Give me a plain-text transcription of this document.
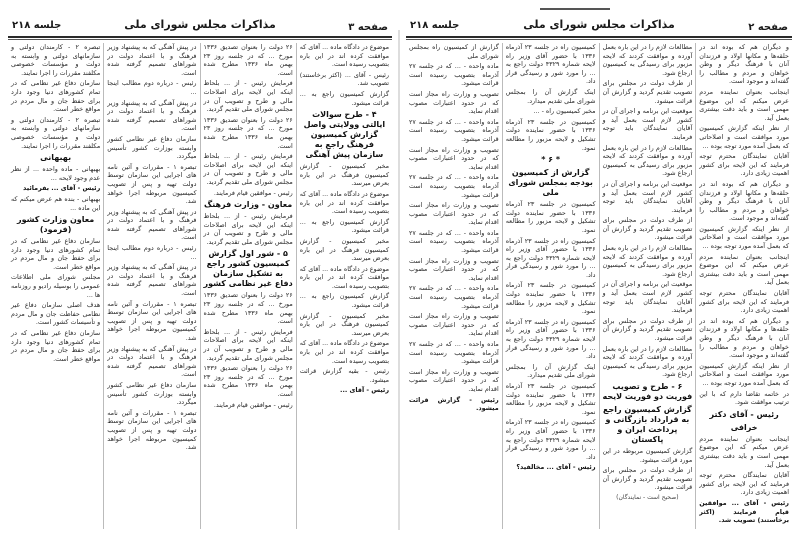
صفحه ۲
مذاکرات مجلس شورای ملی
جلسه ۲۱۸

و دیگران هم که بوده اند در حلقه‌ها و مکانها اولاد و فرزندان آنان با فرهنگ دیگر و وطن خواهان و مردم و مطالب را گفته‌اند و موجود است.

اینجانب بعنوان نماینده مردم عرض میکنم که این موضوع مهمی است و باید دقت بیشتری بعمل آید.

از نظر اینکه گزارش کمیسیون مورد موافقت است و اصلاحاتی که بعمل آمده مورد توجه بوده ...

آقایان نمایندگان محترم توجه فرمایند که این لایحه برای کشور اهمیت زیادی دارد.

و دیگران هم که بوده اند در حلقه‌ها و مکانها اولاد و فرزندان آنان با فرهنگ دیگر و وطن خواهان و مردم و مطالب را گفته‌اند و موجود است.

از نظر اینکه گزارش کمیسیون مورد موافقت است و اصلاحاتی که بعمل آمده مورد توجه بوده ...

اینجانب بعنوان نماینده مردم عرض میکنم که این موضوع مهمی است و باید دقت بیشتری بعمل آید.

آقایان نمایندگان محترم توجه فرمایند که این لایحه برای کشور اهمیت زیادی دارد.

و دیگران هم که بوده اند در حلقه‌ها و مکانها اولاد و فرزندان آنان با فرهنگ دیگر و وطن خواهان و مردم و مطالب را گفته‌اند و موجود است.

از نظر اینکه گزارش کمیسیون مورد موافقت است و اصلاحاتی که بعمل آمده مورد توجه بوده ...

در خاتمه تقاضا دارم که با این ترتیب موافقت شود.

رئیس - آقای دکتر
خرافی

اینجانب بعنوان نماینده مردم عرض میکنم که این موضوع مهمی است و باید دقت بیشتری بعمل آید.

آقایان نمایندگان محترم توجه فرمایند که این لایحه برای کشور اهمیت زیادی دارد.

رئیس - آقای ... موافقین قیام فرمایند (اکثر برخاستند) تصویب شد.

مطالعات لازم را در این باره بعمل آورده و موافقت کردند که لایحه مزبور برای رسیدگی به کمیسیون ارجاع شود.

از طرف دولت در مجلس برای تصویب تقدیم گردید و گزارش آن قرائت میشود.

موقعیت این برنامه و اجرای آن در کشور لازم است بعمل آید و آقایان نمایندگان باید توجه فرمایند.

مطالعات لازم را در این باره بعمل آورده و موافقت کردند که لایحه مزبور برای رسیدگی به کمیسیون ارجاع شود.

موقعیت این برنامه و اجرای آن در کشور لازم است بعمل آید و آقایان نمایندگان باید توجه فرمایند.

از طرف دولت در مجلس برای تصویب تقدیم گردید و گزارش آن قرائت میشود.

مطالعات لازم را در این باره بعمل آورده و موافقت کردند که لایحه مزبور برای رسیدگی به کمیسیون ارجاع شود.

موقعیت این برنامه و اجرای آن در کشور لازم است بعمل آید و آقایان نمایندگان باید توجه فرمایند.

از طرف دولت در مجلس برای تصویب تقدیم گردید و گزارش آن قرائت میشود.

مطالعات لازم را در این باره بعمل آورده و موافقت کردند که لایحه مزبور برای رسیدگی به کمیسیون ارجاع شود.

۶ - طرح و تصویب فوریت دو فوریت لایحه
گزارش کمیسیون راجع به قرارداد بازرگانی و پرداخت ایران و پاکستان

گزارش کمیسیون مربوطه در این مورد قرائت میشود.

از طرف دولت در مجلس برای تصویب تقدیم گردید و گزارش آن قرائت میشود.

(صحیح است - نمایندگان)

کمیسیون راه در جلسه ۲۳ آذرماه ۱۳۳۶ با حضور آقای وزیر راه لایحه شماره ۴۳۲۹ دولت راجع به ... را مورد شور و رسیدگی قرار داد.

اینک گزارش آن را بمجلس شورای ملی تقدیم میدارد.

مخبر کمیسیون راه - ...

کمیسیون در جلسه ۲۳ آذرماه ۱۳۳۶ با حضور نماینده دولت تشکیل و لایحه مزبور را مطالعه نمود.

* ۶ *
گزارش از کمیسیون بودجه بمجلس شورای ملی

کمیسیون در جلسه ۲۳ آذرماه ۱۳۳۶ با حضور نماینده دولت تشکیل و لایحه مزبور را مطالعه نمود.

کمیسیون راه در جلسه ۲۳ آذرماه ۱۳۳۶ با حضور آقای وزیر راه لایحه شماره ۴۳۲۹ دولت راجع به ... را مورد شور و رسیدگی قرار داد.

کمیسیون در جلسه ۲۳ آذرماه ۱۳۳۶ با حضور نماینده دولت تشکیل و لایحه مزبور را مطالعه نمود.

کمیسیون راه در جلسه ۲۳ آذرماه ۱۳۳۶ با حضور آقای وزیر راه لایحه شماره ۴۳۲۹ دولت راجع به ... را مورد شور و رسیدگی قرار داد.

اینک گزارش آن را بمجلس شورای ملی تقدیم میدارد.

کمیسیون در جلسه ۲۳ آذرماه ۱۳۳۶ با حضور نماینده دولت تشکیل و لایحه مزبور را مطالعه نمود.

کمیسیون راه در جلسه ۲۳ آذرماه ۱۳۳۶ با حضور آقای وزیر راه لایحه شماره ۴۳۲۹ دولت راجع به ... را مورد شور و رسیدگی قرار داد.

رئیس - آقای ... مخالفید؟

گزارش از کمیسیون راه بمجلس شورای ملی

ماده واحده - ... که در جلسه ۲۷ آذرماه بتصویب رسیده است قرائت میشود.

تصویب و وزارت راه مجاز است که در حدود اعتبارات مصوب اقدام نماید.

ماده واحده - ... که در جلسه ۲۷ آذرماه بتصویب رسیده است قرائت میشود.

تصویب و وزارت راه مجاز است که در حدود اعتبارات مصوب اقدام نماید.

ماده واحده - ... که در جلسه ۲۷ آذرماه بتصویب رسیده است قرائت میشود.

تصویب و وزارت راه مجاز است که در حدود اعتبارات مصوب اقدام نماید.

ماده واحده - ... که در جلسه ۲۷ آذرماه بتصویب رسیده است قرائت میشود.

تصویب و وزارت راه مجاز است که در حدود اعتبارات مصوب اقدام نماید.

ماده واحده - ... که در جلسه ۲۷ آذرماه بتصویب رسیده است قرائت میشود.

تصویب و وزارت راه مجاز است که در حدود اعتبارات مصوب اقدام نماید.

ماده واحده - ... که در جلسه ۲۷ آذرماه بتصویب رسیده است قرائت میشود.

تصویب و وزارت راه مجاز است که در حدود اعتبارات مصوب اقدام نماید.

رئیس - گزارش قرائت میشود.

صفحه ۳
مذاکرات مجلس شورای ملی
جلسه ۲۱۸

موضوع در دادگاه ماده ... آقای که موافقت کرده اند در این باره بتصویب رسیده است.

رئیس - آقای ... (اکثر برخاستند) تصویب شد.

گزارش کمیسیون راجع به ... قرائت میشود.

۴ - طرح سوالات ایالتی وولایتی واصل گزارش کمیسیون فرهنگ راجع به سازمان پیش آهنگی

مخبر کمیسیون - گزارش کمیسیون فرهنگ در این باره بعرض میرسد.

موضوع در دادگاه ماده ... آقای که موافقت کرده اند در این باره بتصویب رسیده است.

گزارش کمیسیون راجع به ... قرائت میشود.

مخبر کمیسیون - گزارش کمیسیون فرهنگ در این باره بعرض میرسد.

موضوع در دادگاه ماده ... آقای که موافقت کرده اند در این باره بتصویب رسیده است.

گزارش کمیسیون راجع به ... قرائت میشود.

مخبر کمیسیون - گزارش کمیسیون فرهنگ در این باره بعرض میرسد.

موضوع در دادگاه ماده ... آقای که موافقت کرده اند در این باره بتصویب رسیده است.

رئیس - بقیه گزارش قرائت میشود.

رئیس - آقای ...

۲۶ دولت را بعنوان تصدیق ۱۳۳۶ مورخ ... که در جلسه روز ۲۳ بهمن ماه ۱۳۳۶ مطرح شده است.

فرمایش رئیس - از ... بلحاظ اینکه این لایحه برای اصلاحات مالی و طرح و تصویب آن در مجلس شورای ملی تقدیم گردید.

۲۶ دولت را بعنوان تصدیق ۱۳۳۶ مورخ ... که در جلسه روز ۲۳ بهمن ماه ۱۳۳۶ مطرح شده است.

فرمایش رئیس - از ... بلحاظ اینکه این لایحه برای اصلاحات مالی و طرح و تصویب آن در مجلس شورای ملی تقدیم گردید.

رئیس - موافقین قیام فرمایند.

معاون - وزارت فرهنگ

فرمایش رئیس - از ... بلحاظ اینکه این لایحه برای اصلاحات مالی و طرح و تصویب آن در مجلس شورای ملی تقدیم گردید.

۵ - شور اول گزارش کمیسیون کشور راجع به تشکیل سازمان دفاع غیر نظامی کشور

۲۶ دولت را بعنوان تصدیق ۱۳۳۶ مورخ ... که در جلسه روز ۲۳ بهمن ماه ۱۳۳۶ مطرح شده است.

فرمایش رئیس - از ... بلحاظ اینکه این لایحه برای اصلاحات مالی و طرح و تصویب آن در مجلس شورای ملی تقدیم گردید.

۲۶ دولت را بعنوان تصدیق ۱۳۳۶ مورخ ... که در جلسه روز ۲۳ بهمن ماه ۱۳۳۶ مطرح شده است.

رئیس - موافقین قیام فرمایند.

در پیش آهنگی که به پیشنهاد وزیر فرهنگ و با اعتماد دولت در شوراهای تصمیم گرفته شده است.

رئیس - درباره دوم مطالب اینجا ...

در پیش آهنگی که به پیشنهاد وزیر فرهنگ و با اعتماد دولت در شوراهای تصمیم گرفته شده است.

سازمان دفاع غیر نظامی کشور وابسته بوزارت کشور تأسیس میگردد.

تبصره ۱ - مقررات و آئین نامه های اجرایی این سازمان توسط دولت تهیه و پس از تصویب کمیسیون مربوطه اجرا خواهد شد.

در پیش آهنگی که به پیشنهاد وزیر فرهنگ و با اعتماد دولت در شوراهای تصمیم گرفته شده است.

رئیس - درباره دوم مطالب اینجا ...

در پیش آهنگی که به پیشنهاد وزیر فرهنگ و با اعتماد دولت در شوراهای تصمیم گرفته شده است.

تبصره ۱ - مقررات و آئین نامه های اجرایی این سازمان توسط دولت تهیه و پس از تصویب کمیسیون مربوطه اجرا خواهد شد.

در پیش آهنگی که به پیشنهاد وزیر فرهنگ و با اعتماد دولت در شوراهای تصمیم گرفته شده است.

سازمان دفاع غیر نظامی کشور وابسته بوزارت کشور تأسیس میگردد.

تبصره ۱ - مقررات و آئین نامه های اجرایی این سازمان توسط دولت تهیه و پس از تصویب کمیسیون مربوطه اجرا خواهد شد.

تبصره ۲ - کارمندان دولتی و سازمانهای دولتی و وابسته به دولت و مؤسسات خصوصی مکلفند مقررات را اجرا نمایند.

سازمان دفاع غیر نظامی که در تمام کشورهای دنیا وجود دارد برای حفظ جان و مال مردم در مواقع خطر است.

تبصره ۲ - کارمندان دولتی و سازمانهای دولتی و وابسته به دولت و مؤسسات خصوصی مکلفند مقررات را اجرا نمایند.

بهبهانی

بهبهانی - ماده واحده ... از نظر عدم وجود لایحه ...

رئیس - آقای ... بفرمائید

بهبهانی - بنده هم عرض میکنم که این ماده ...

معاون وزارت کشور (فرمود)

سازمان دفاع غیر نظامی که در تمام کشورهای دنیا وجود دارد برای حفظ جان و مال مردم در مواقع خطر است.

مجلس شورای ملی اطلاعات عمومی را بوسیله رادیو و روزنامه ها ...

هدف اصلی سازمان دفاع غیر نظامی حفاظت جان و مال مردم و تأسیسات کشور است.

سازمان دفاع غیر نظامی که در تمام کشورهای دنیا وجود دارد برای حفظ جان و مال مردم در مواقع خطر است.
